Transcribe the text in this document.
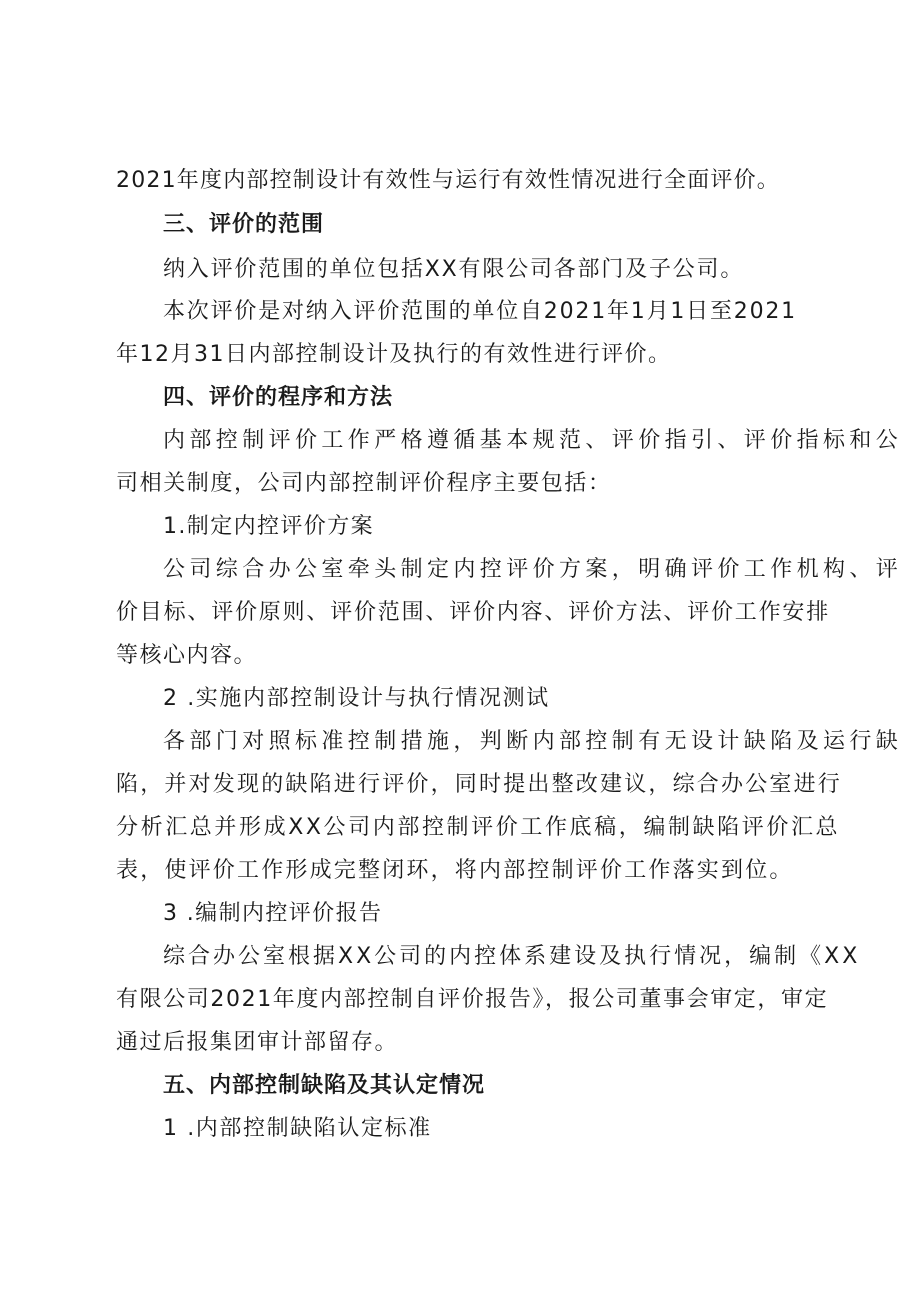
2021年度内部控制设计有效性与运行有效性情况进行全面评价。
三、评价的范围
纳入评价范围的单位包括XX有限公司各部门及子公司。
本次评价是对纳入评价范围的单位自2021年1月1日至2021
年12月31日内部控制设计及执行的有效性进行评价。
四、评价的程序和方法
内部控制评价工作严格遵循基本规范、评价指引、评价指标和公
司相关制度，公司内部控制评价程序主要包括：
1.制定内控评价方案
公司综合办公室牵头制定内控评价方案，明确评价工作机构、评
价目标、评价原则、评价范围、评价内容、评价方法、评价工作安排
等核心内容。
2 .实施内部控制设计与执行情况测试
各部门对照标准控制措施，判断内部控制有无设计缺陷及运行缺
陷，并对发现的缺陷进行评价，同时提出整改建议，综合办公室进行
分析汇总并形成XX公司内部控制评价工作底稿，编制缺陷评价汇总
表，使评价工作形成完整闭环，将内部控制评价工作落实到位。
3 .编制内控评价报告
综合办公室根据XX公司的内控体系建设及执行情况，编制《XX
有限公司2021年度内部控制自评价报告》，报公司董事会审定，审定
通过后报集团审计部留存。
五、内部控制缺陷及其认定情况
1 .内部控制缺陷认定标准
